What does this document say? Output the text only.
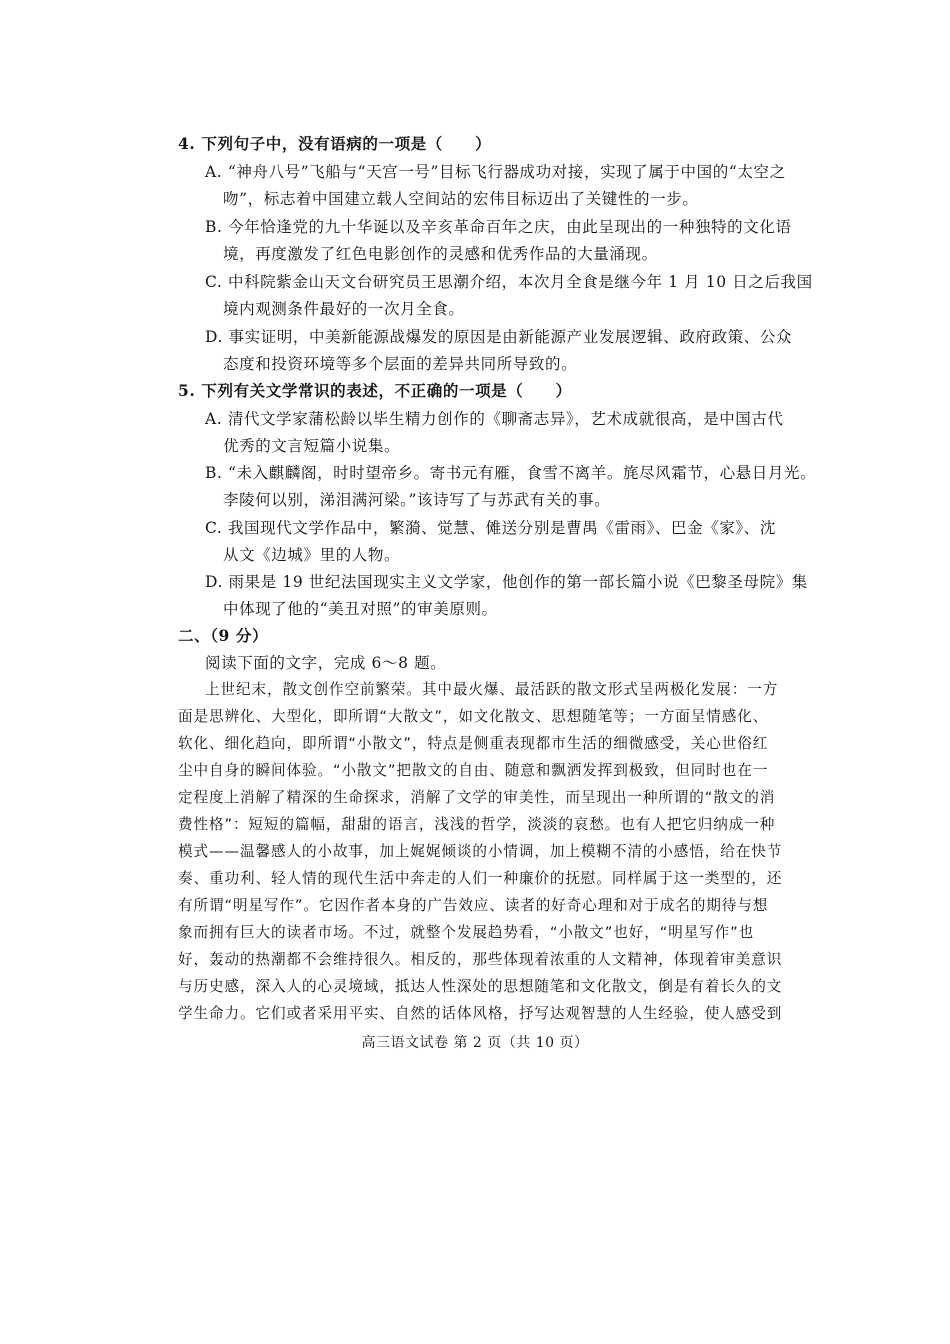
4. 下列句子中，没有语病的一项是（　　）
A. “神舟八号”飞船与“天宫一号”目标飞行器成功对接，实现了属于中国的“太空之
吻”，标志着中国建立载人空间站的宏伟目标迈出了关键性的一步。
B. 今年恰逢党的九十华诞以及辛亥革命百年之庆，由此呈现出的一种独特的文化语
境，再度激发了红色电影创作的灵感和优秀作品的大量涌现。
C. 中科院紫金山天文台研究员王思潮介绍，本次月全食是继今年 1 月 10 日之后我国
境内观测条件最好的一次月全食。
D. 事实证明，中美新能源战爆发的原因是由新能源产业发展逻辑、政府政策、公众
态度和投资环境等多个层面的差异共同所导致的。
5. 下列有关文学常识的表述，不正确的一项是（　　）
A. 清代文学家蒲松龄以毕生精力创作的《聊斋志异》，艺术成就很高，是中国古代
优秀的文言短篇小说集。
B. “未入麒麟阁，时时望帝乡。寄书元有雁，食雪不离羊。旄尽风霜节，心悬日月光。
李陵何以别，涕泪满河梁。”该诗写了与苏武有关的事。
C. 我国现代文学作品中，繁漪、觉慧、傩送分别是曹禺《雷雨》、巴金《家》、沈
从文《边城》里的人物。
D. 雨果是 19 世纪法国现实主义文学家，他创作的第一部长篇小说《巴黎圣母院》集
中体现了他的“美丑对照”的审美原则。
二、（9 分）
阅读下面的文字，完成 6～8 题。
上世纪末，散文创作空前繁荣。其中最火爆、最活跃的散文形式呈两极化发展：一方
面是思辨化、大型化，即所谓“大散文”，如文化散文、思想随笔等；一方面呈情感化、
软化、细化趋向，即所谓“小散文”，特点是侧重表现都市生活的细微感受，关心世俗红
尘中自身的瞬间体验。“小散文”把散文的自由、随意和飘洒发挥到极致，但同时也在一
定程度上消解了精深的生命探求，消解了文学的审美性，而呈现出一种所谓的“散文的消
费性格”：短短的篇幅，甜甜的语言，浅浅的哲学，淡淡的哀愁。也有人把它归纳成一种
模式——温馨感人的小故事，加上娓娓倾谈的小情调，加上模糊不清的小感悟，给在快节
奏、重功利、轻人情的现代生活中奔走的人们一种廉价的抚慰。同样属于这一类型的，还
有所谓“明星写作”。它因作者本身的广告效应、读者的好奇心理和对于成名的期待与想
象而拥有巨大的读者市场。不过，就整个发展趋势看，“小散文”也好，“明星写作”也
好，轰动的热潮都不会维持很久。相反的，那些体现着浓重的人文精神，体现着审美意识
与历史感，深入人的心灵境域，抵达人性深处的思想随笔和文化散文，倒是有着长久的文
学生命力。它们或者采用平实、自然的话体风格，抒写达观智慧的人生经验，使人感受到
高三语文试卷 第 2 页（共 10 页）
